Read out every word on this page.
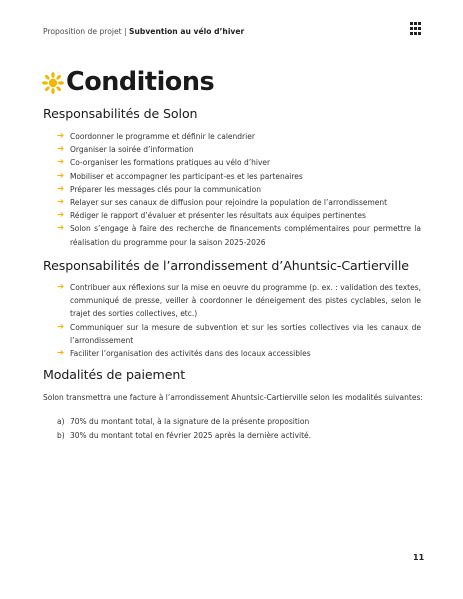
Proposition de projet | Subvention au vélo d’hiver
Conditions
Responsabilités de Solon
➔ Coordonner le programme et définir le calendrier
➔ Organiser la soirée d’information
➔ Co-organiser les formations pratiques au vélo d’hiver
➔ Mobiliser et accompagner les participant-es et les partenaires
➔ Préparer les messages clés pour la communication
➔ Relayer sur ses canaux de diffusion pour rejoindre la population de l’arrondissement
➔ Rédiger le rapport d’évaluer et présenter les résultats aux équipes pertinentes
➔ Solon s’engage à faire des recherche de financements complémentaires pour permettre la réalisation du programme pour la saison 2025-2026
Responsabilités de l’arrondissement d’Ahuntsic-Cartierville
➔ Contribuer aux réflexions sur la mise en oeuvre du programme (p. ex. : validation des textes, communiqué de presse, veiller à coordonner le déneigement des pistes cyclables, selon le trajet des sorties collectives, etc.)
➔ Communiquer sur la mesure de subvention et sur les sorties collectives via les canaux de l’arrondissement
➔ Faciliter l’organisation des activités dans des locaux accessibles
Modalités de paiement

Solon transmettra une facture à l’arrondissement Ahuntsic-Cartierville selon les modalités suivantes:

a) 70% du montant total, à la signature de la présente proposition
b) 30% du montant total en février 2025 après la dernière activité.
11
